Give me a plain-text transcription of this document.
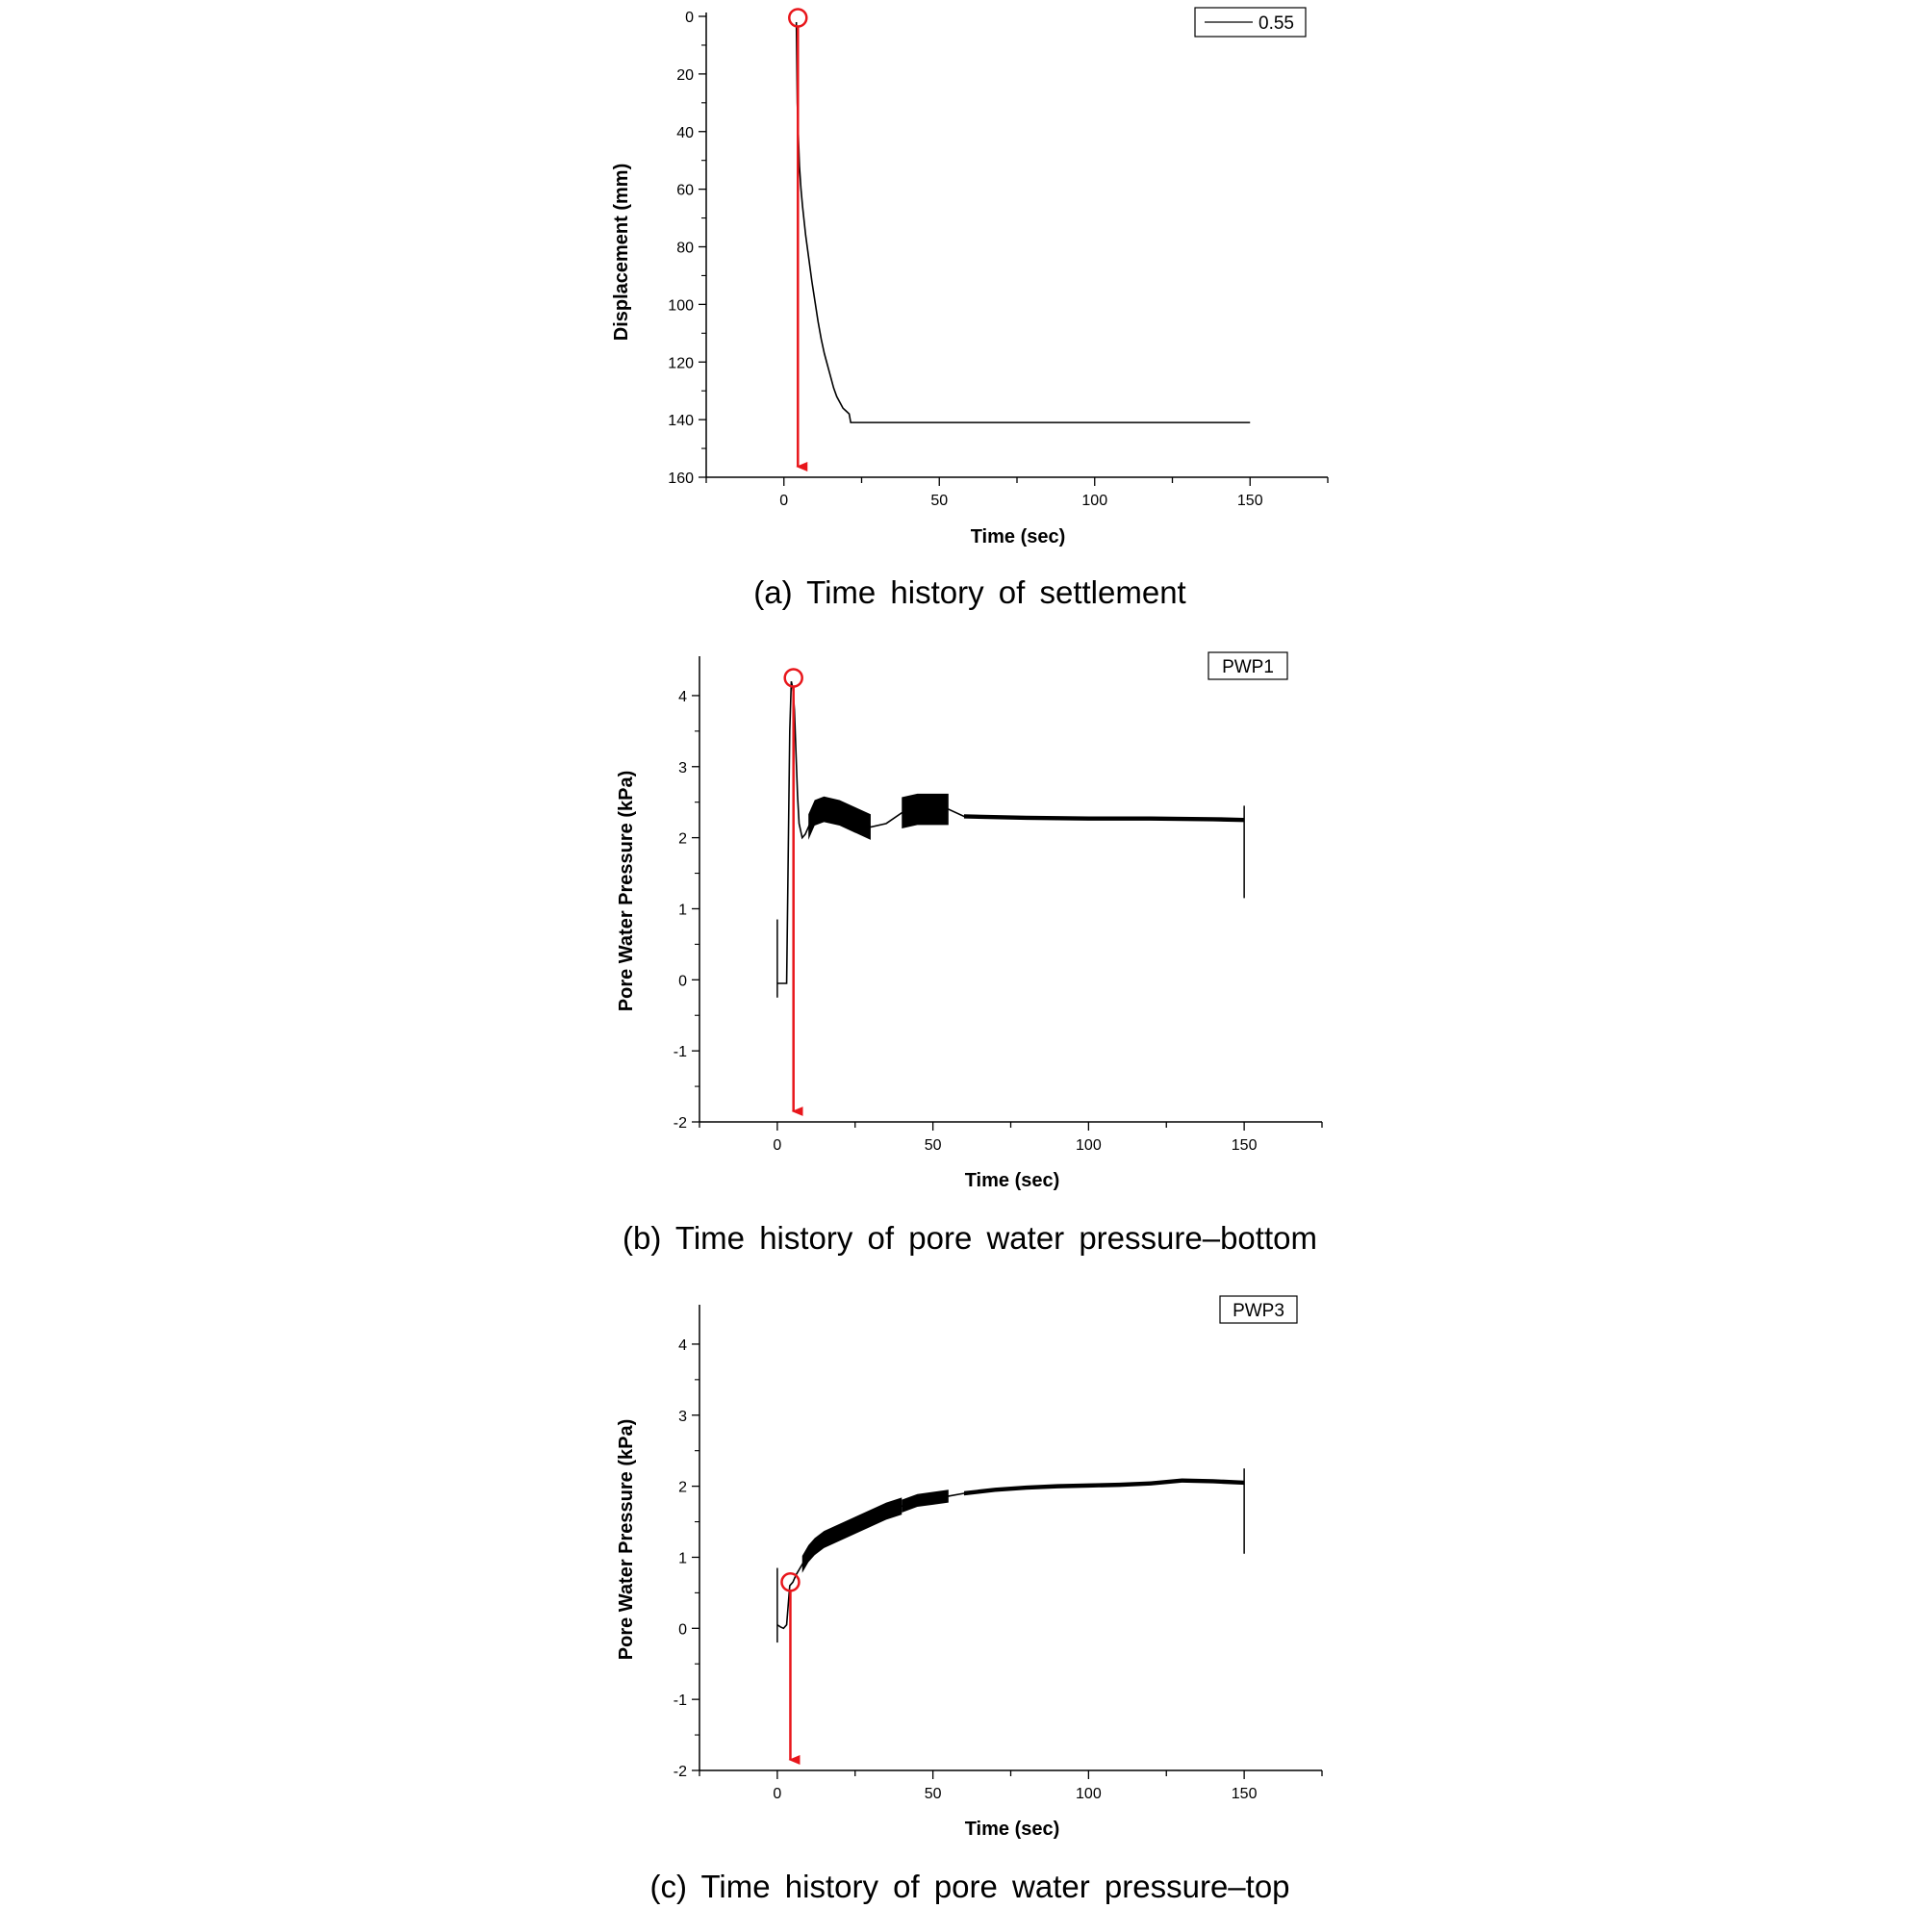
Displacement (mm)
Time (sec)
0.55
(a) Time history of settlement
0
20
40
60
80
100
120
140
160
0	50	100	150
Pore Water Pressure (kPa)
Time (sec)
PWP1
(b) Time history of pore water pressure‒bottom
-2
-1
0
1
2
3
4
0	50	100	150
Pore Water Pressure (kPa)
Time (sec)
PWP3
(c) Time history of pore water pressure‒top
-2
-1
0
1
2
3
4
0	50	100	150
